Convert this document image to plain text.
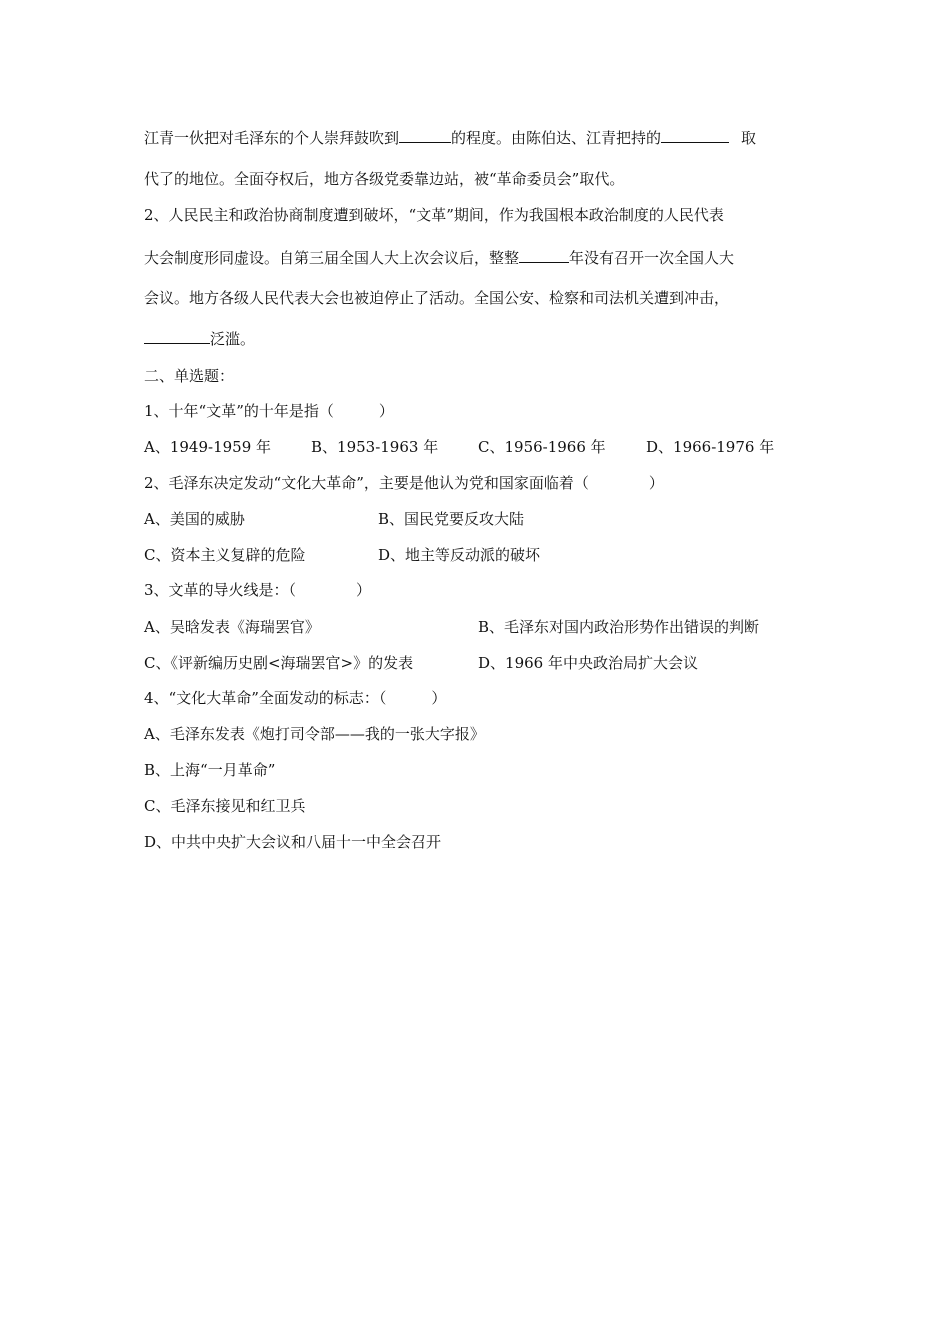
江青一伙把对毛泽东的个人崇拜鼓吹到	的程度。由陈伯达、江青把持的	取
代了的地位。全面夺权后，地方各级党委靠边站，被“革命委员会”取代。
2、人民民主和政治协商制度遭到破坏，“文革”期间，作为我国根本政治制度的人民代表
大会制度形同虚设。自第三届全国人大上次会议后，整整	年没有召开一次全国人大
会议。地方各级人民代表大会也被迫停止了活动。全国公安、检察和司法机关遭到冲击，
泛滥。
二、单选题：
1、十年“文革”的十年是指（　　　）
A、1949-1959 年	B、1953-1963 年	C、1956-1966 年	D、1966-1976 年
2、毛泽东决定发动“文化大革命”，主要是他认为党和国家面临着（　　　　）
A、美国的威胁	B、国民党要反攻大陆
C、资本主义复辟的危险	D、地主等反动派的破坏
3、文革的导火线是：（　　　　）
A、吴晗发表《海瑞罢官》	B、毛泽东对国内政治形势作出错误的判断
C、《评新编历史剧<海瑞罢官>》的发表	D、1966 年中央政治局扩大会议
4、“文化大革命”全面发动的标志：（　　　）
A、毛泽东发表《炮打司令部——我的一张大字报》
B、上海“一月革命”
C、毛泽东接见和红卫兵
D、中共中央扩大会议和八届十一中全会召开
